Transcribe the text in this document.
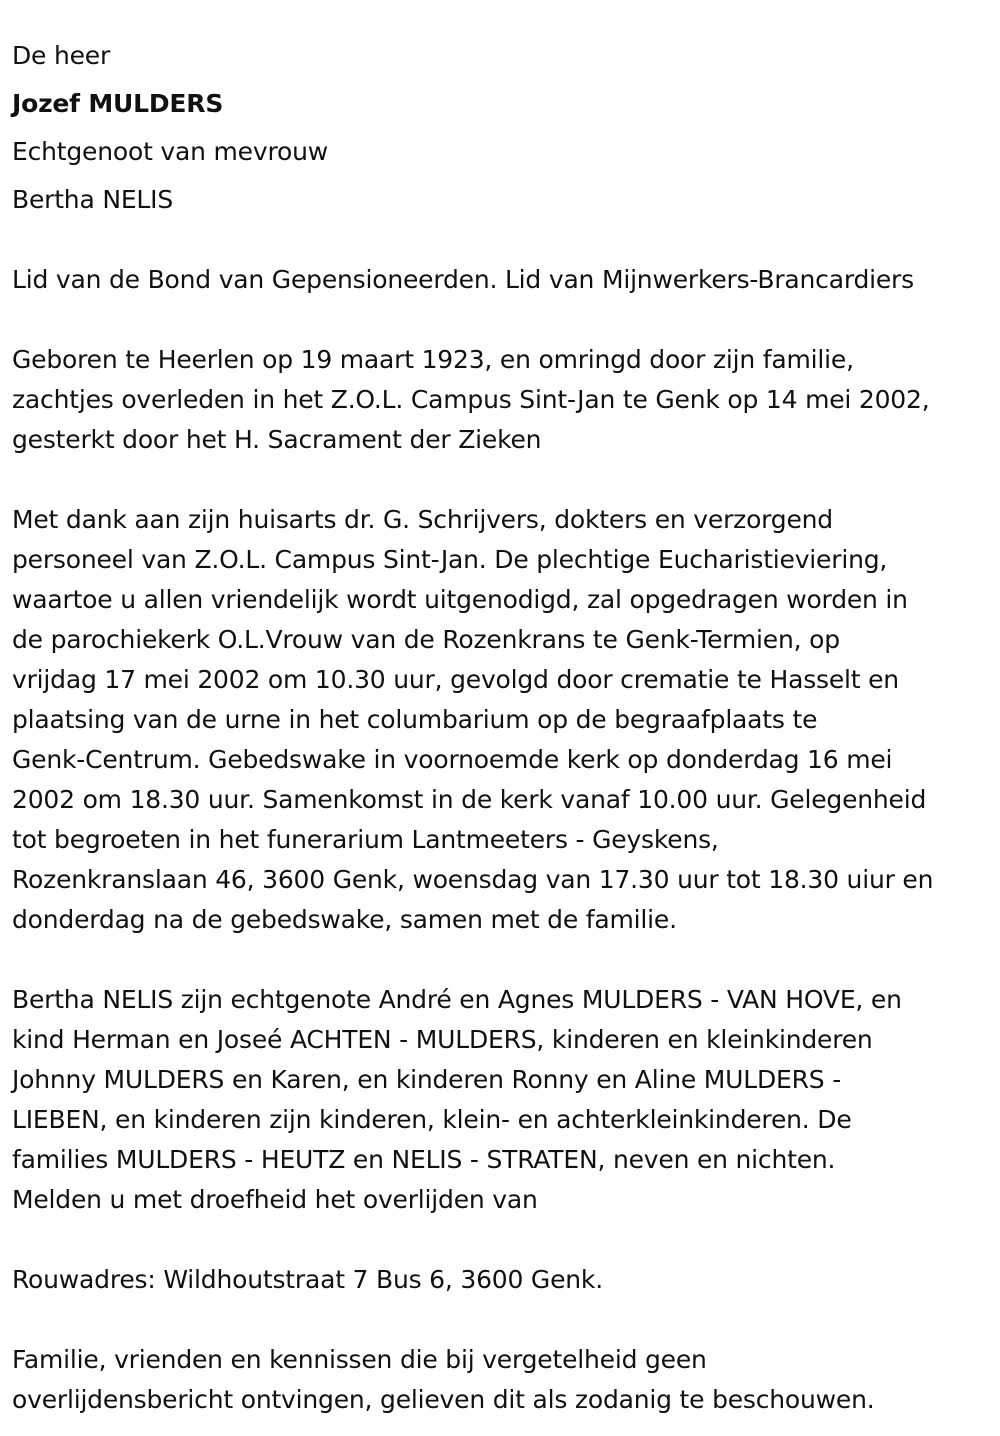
De heer
Jozef MULDERS
Echtgenoot van mevrouw
Bertha NELIS
Lid van de Bond van Gepensioneerden. Lid van Mijnwerkers-Brancardiers
Geboren te Heerlen op 19 maart 1923, en omringd door zijn familie,
zachtjes overleden in het Z.O.L. Campus Sint-Jan te Genk op 14 mei 2002,
gesterkt door het H. Sacrament der Zieken
Met dank aan zijn huisarts dr. G. Schrijvers, dokters en verzorgend
personeel van Z.O.L. Campus Sint-Jan. De plechtige Eucharistieviering,
waartoe u allen vriendelijk wordt uitgenodigd, zal opgedragen worden in
de parochiekerk O.L.Vrouw van de Rozenkrans te Genk-Termien, op
vrijdag 17 mei 2002 om 10.30 uur, gevolgd door crematie te Hasselt en
plaatsing van de urne in het columbarium op de begraafplaats te
Genk-Centrum. Gebedswake in voornoemde kerk op donderdag 16 mei
2002 om 18.30 uur. Samenkomst in de kerk vanaf 10.00 uur. Gelegenheid
tot begroeten in het funerarium Lantmeeters - Geyskens,
Rozenkranslaan 46, 3600 Genk, woensdag van 17.30 uur tot 18.30 uiur en
donderdag na de gebedswake, samen met de familie.
Bertha NELIS zijn echtgenote André en Agnes MULDERS - VAN HOVE, en
kind Herman en Joseé ACHTEN - MULDERS, kinderen en kleinkinderen
Johnny MULDERS en Karen, en kinderen Ronny en Aline MULDERS -
LIEBEN, en kinderen zijn kinderen, klein- en achterkleinkinderen. De
families MULDERS - HEUTZ en NELIS - STRATEN, neven en nichten.
Melden u met droefheid het overlijden van
Rouwadres: Wildhoutstraat 7 Bus 6, 3600 Genk.
Familie, vrienden en kennissen die bij vergetelheid geen
overlijdensbericht ontvingen, gelieven dit als zodanig te beschouwen.
